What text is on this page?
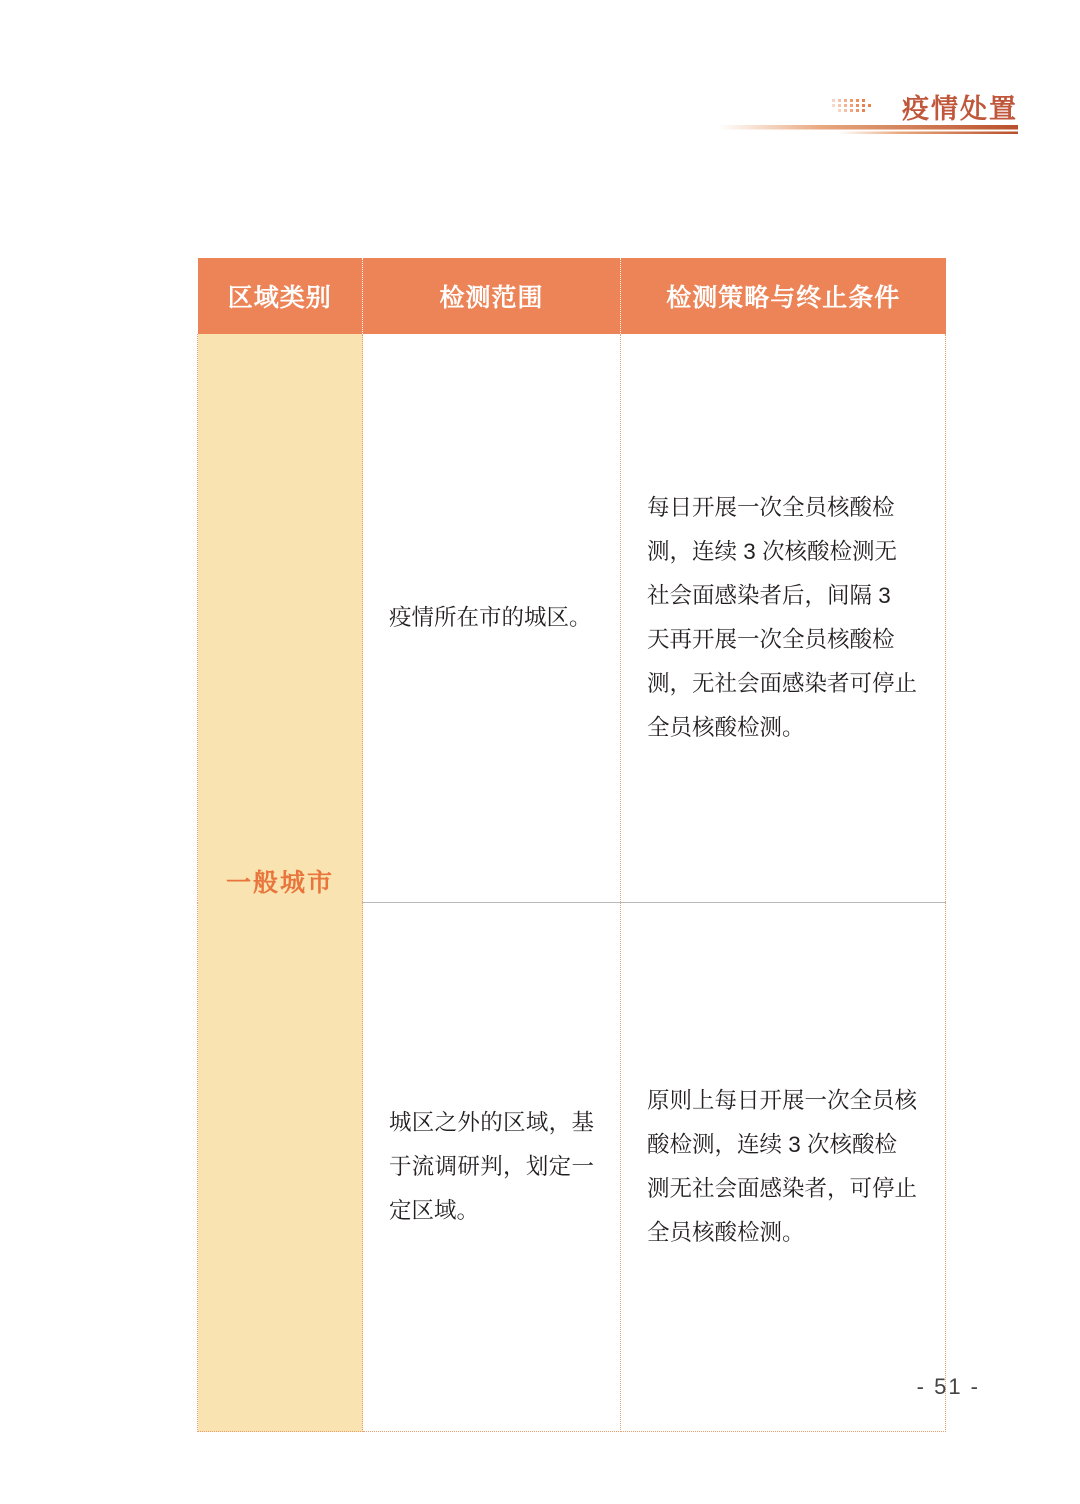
疫情处置
区域类别	检测范围	检测策略与终止条件
一般城市	疫情所在市的城区。	每日开展一次全员核酸检测，连续 3 次核酸检测无社会面感染者后，间隔 3 天再开展一次全员核酸检测，无社会面感染者可停止全员核酸检测。

	城区之外的区域，基于流调研判，划定一定区域。	原则上每日开展一次全员核酸检测，连续 3 次核酸检测无社会面感染者，可停止全员核酸检测。
- 51 -
